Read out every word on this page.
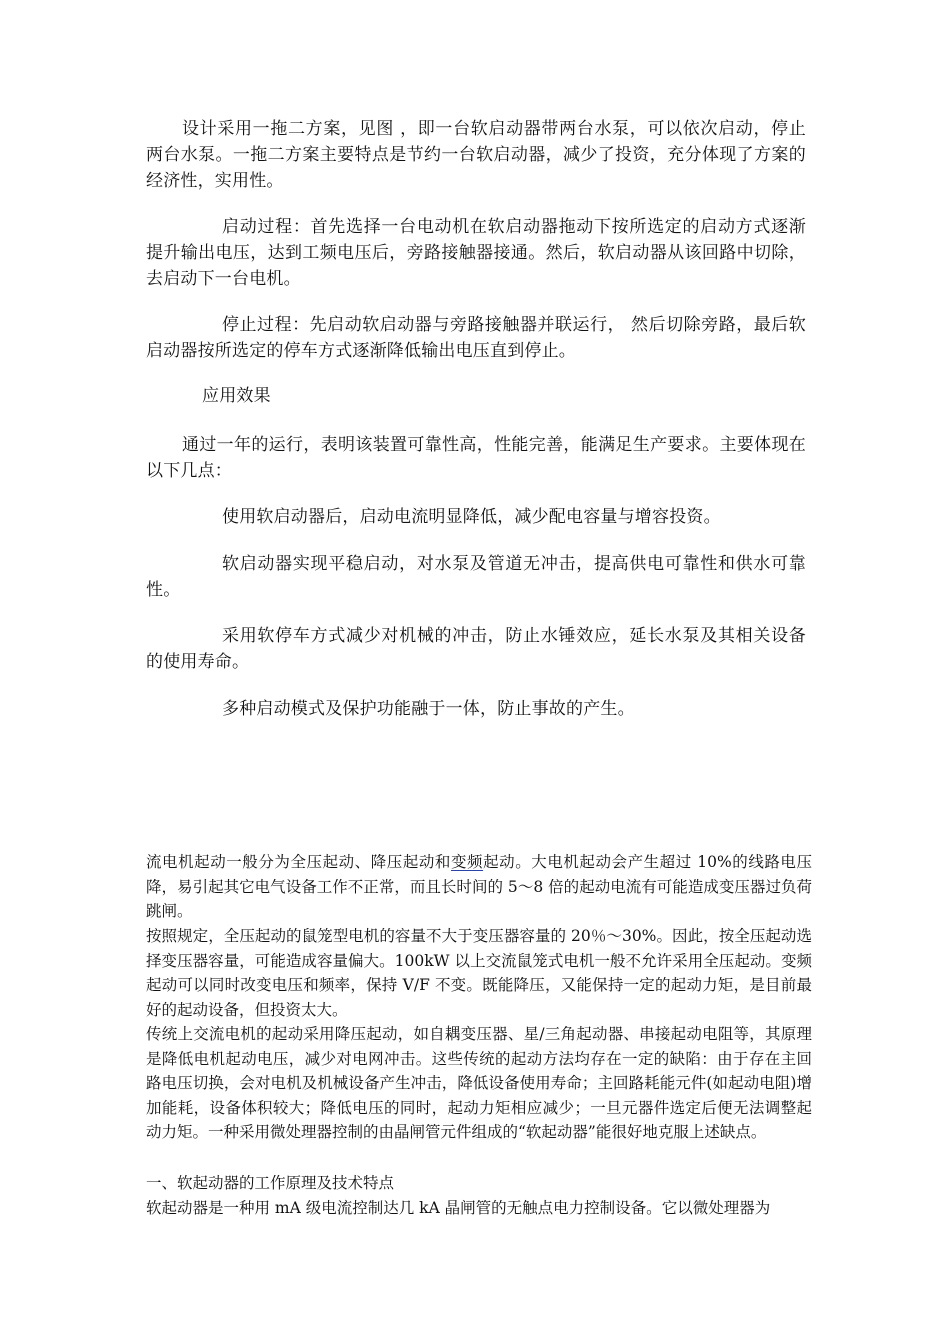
设计采用一拖二方案，见图 ，即一台软启动器带两台水泵，可以依次启动，停止两台水泵。一拖二方案主要特点是节约一台软启动器，减少了投资，充分体现了方案的经济性，实用性。

启动过程：首先选择一台电动机在软启动器拖动下按所选定的启动方式逐渐提升输出电压，达到工频电压后，旁路接触器接通。然后，软启动器从该回路中切除，去启动下一台电机。

停止过程：先启动软启动器与旁路接触器并联运行， 然后切除旁路，最后软启动器按所选定的停车方式逐渐降低输出电压直到停止。

应用效果

通过一年的运行，表明该装置可靠性高，性能完善，能满足生产要求。主要体现在以下几点：

使用软启动器后，启动电流明显降低，减少配电容量与增容投资。

软启动器实现平稳启动，对水泵及管道无冲击，提高供电可靠性和供水可靠性。

采用软停车方式减少对机械的冲击，防止水锤效应，延长水泵及其相关设备的使用寿命。

多种启动模式及保护功能融于一体，防止事故的产生。

流电机起动一般分为全压起动、降压起动和变频起动。大电机起动会产生超过 10%的线路电压降，易引起其它电气设备工作不正常，而且长时间的 5～8 倍的起动电流有可能造成变压器过负荷跳闸。

按照规定，全压起动的鼠笼型电机的容量不大于变压器容量的 20％～30%。因此，按全压起动选择变压器容量，可能造成容量偏大。100kW 以上交流鼠笼式电机一般不允许采用全压起动。变频起动可以同时改变电压和频率，保持 V/F 不变。既能降压，又能保持一定的起动力矩，是目前最好的起动设备，但投资太大。

传统上交流电机的起动采用降压起动，如自耦变压器、星/三角起动器、串接起动电阻等，其原理是降低电机起动电压，减少对电网冲击。这些传统的起动方法均存在一定的缺陷：由于存在主回路电压切换，会对电机及机械设备产生冲击，降低设备使用寿命；主回路耗能元件(如起动电阻)增加能耗，设备体积较大；降低电压的同时，起动力矩相应减少；一旦元器件选定后便无法调整起动力矩。一种采用微处理器控制的由晶闸管元件组成的“软起动器”能很好地克服上述缺点。

一、软起动器的工作原理及技术特点

软起动器是一种用 mA 级电流控制达几 kA 晶闸管的无触点电力控制设备。它以微处理器为
